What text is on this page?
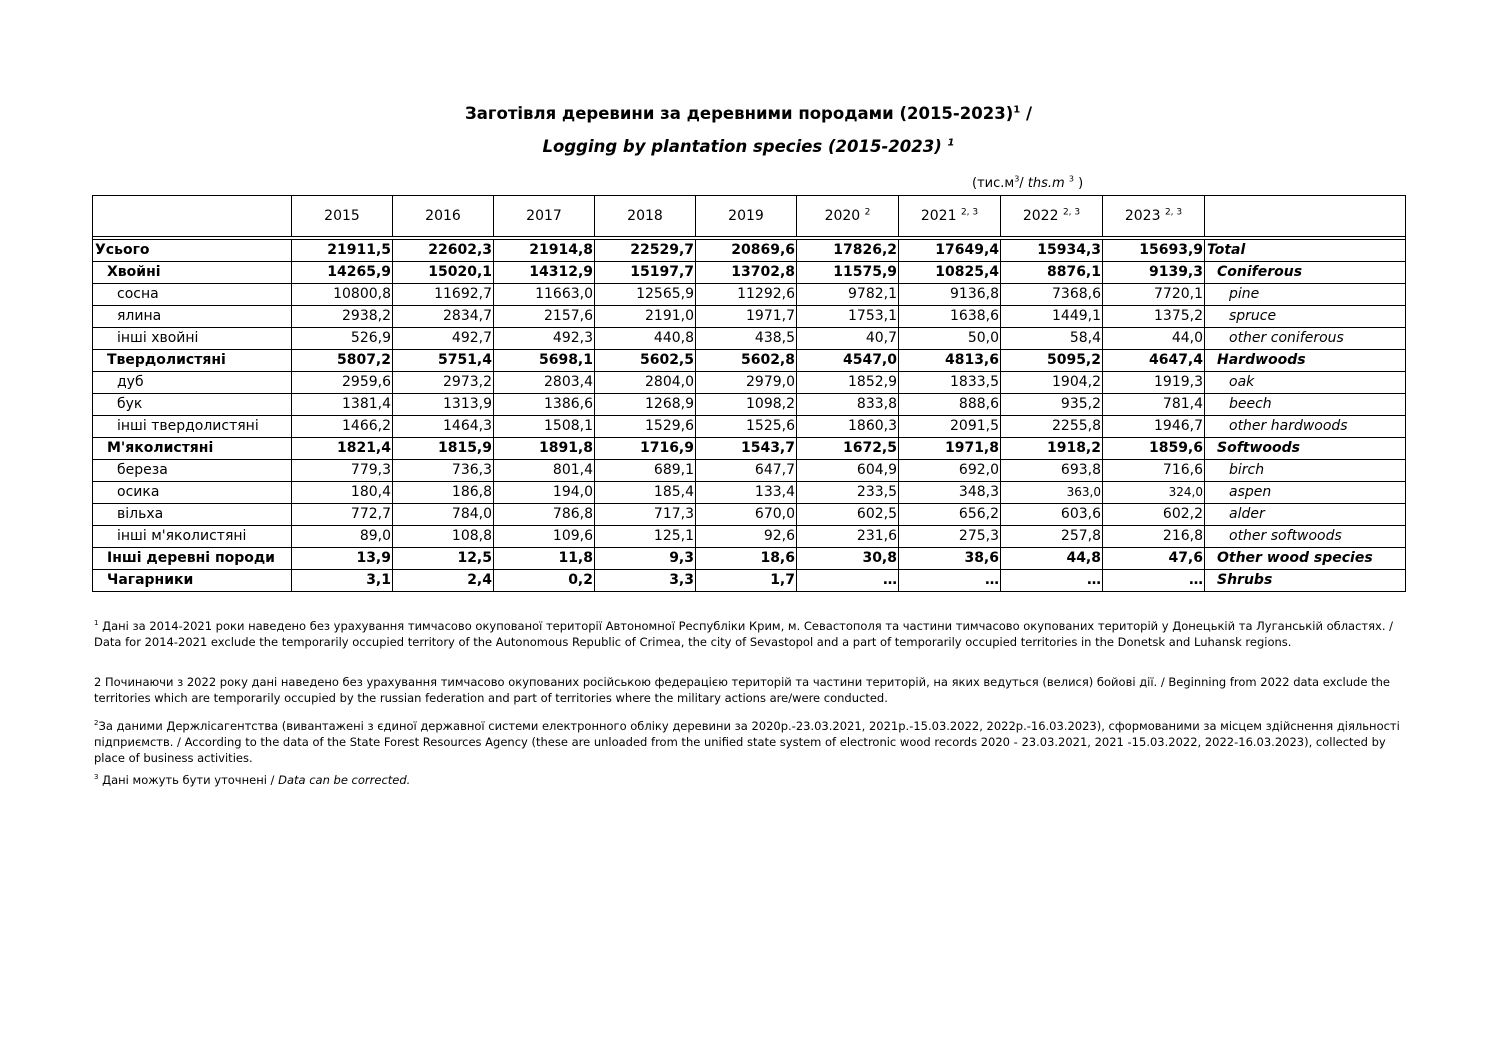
Заготівля деревини за деревними породами (2015-2023)$^1$ /
Logging by plantation species (2015-2023) $^1$
($тис.м^3/$ ths.m $^3$ )
	2015	2016	2017	2018	2019	2020 $^2$	2021 $^{2, 3}$	2022 $^{2, 3}$	2023 $^{2, 3}$	

Усього	21911,5	22602,3	21914,8	22529,7	20869,6	17826,2	17649,4	15934,3	15693,9	Total
Хвойні	14265,9	15020,1	14312,9	15197,7	13702,8	11575,9	10825,4	8876,1	9139,3	Coniferous
сосна	10800,8	11692,7	11663,0	12565,9	11292,6	9782,1	9136,8	7368,6	7720,1	pine
ялина	2938,2	2834,7	2157,6	2191,0	1971,7	1753,1	1638,6	1449,1	1375,2	spruce
інші хвойні	526,9	492,7	492,3	440,8	438,5	40,7	50,0	58,4	44,0	other coniferous
Твердолистяні	5807,2	5751,4	5698,1	5602,5	5602,8	4547,0	4813,6	5095,2	4647,4	Hardwoods
дуб	2959,6	2973,2	2803,4	2804,0	2979,0	1852,9	1833,5	1904,2	1919,3	oak
бук	1381,4	1313,9	1386,6	1268,9	1098,2	833,8	888,6	935,2	781,4	beech
інші твердолистяні	1466,2	1464,3	1508,1	1529,6	1525,6	1860,3	2091,5	2255,8	1946,7	other hardwoods
М'яколистяні	1821,4	1815,9	1891,8	1716,9	1543,7	1672,5	1971,8	1918,2	1859,6	Softwoods
береза	779,3	736,3	801,4	689,1	647,7	604,9	692,0	693,8	716,6	birch
осика	180,4	186,8	194,0	185,4	133,4	233,5	348,3	363,0	324,0	aspen
вільха	772,7	784,0	786,8	717,3	670,0	602,5	656,2	603,6	602,2	alder
інші м'яколистяні	89,0	108,8	109,6	125,1	92,6	231,6	275,3	257,8	216,8	other softwoods
Інші деревні породи	13,9	12,5	11,8	9,3	18,6	30,8	38,6	44,8	47,6	Other wood species
Чагарники	3,1	2,4	0,2	3,3	1,7	…	…	…	…	Shrubs
$^1$ Дані за 2014-2021 роки наведено без урахування тимчасово окупованої території Автономної Республіки Крим, м. Севастополя та частини тимчасово окупованих територій у Донецькій та Луганській областях. / Data for 2014-2021 exclude the temporarily occupied territory of the Autonomous Republic of Crimea, the city of Sevastopol and a part of temporarily occupied territories in the Donetsk and Luhansk regions.
2 Починаючи з 2022 року дані наведено без урахування тимчасово окупованих російською федерацією територій та частини територій, на яких ведуться (велися) бойові дії. / Beginning from 2022 data exclude the territories which are temporarily occupied by the russian federation and part of territories where the military actions are/were conducted.
$^2$За даними Держлісагентства (вивантажені з єдиної державної системи електронного обліку деревини за 2020р.-23.03.2021, 2021р.-15.03.2022, 2022р.-16.03.2023), сформованими за місцем здійснення діяльності підприємств. / According to the data of the State Forest Resources Agency (these are unloaded from the unified state system of electronic wood records 2020 - 23.03.2021, 2021 -15.03.2022, 2022-16.03.2023), collected by place of business activities.
$^3$ Дані можуть бути уточнені / Data can be corrected.
